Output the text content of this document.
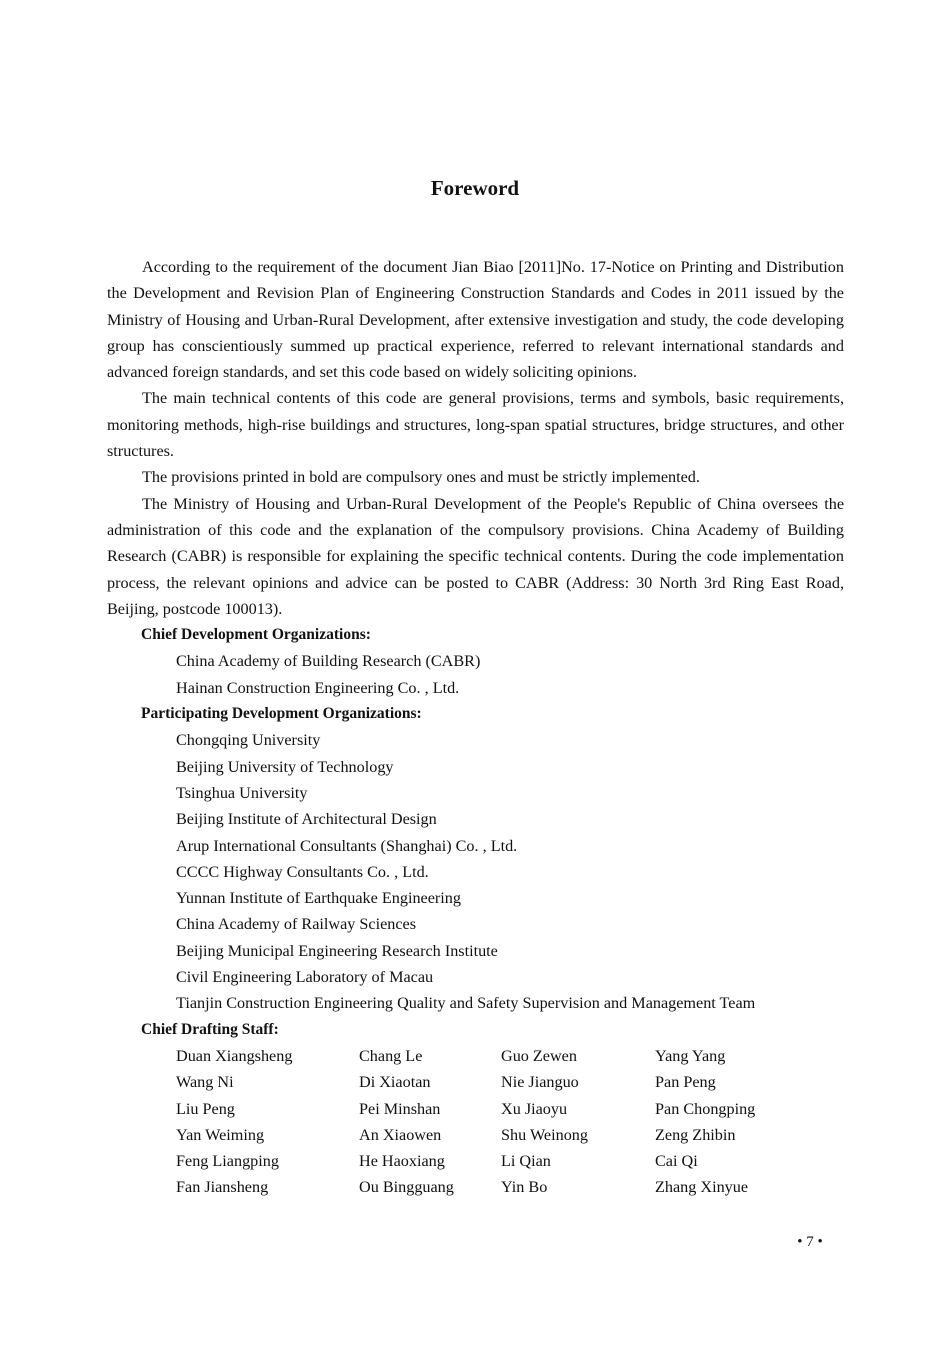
Foreword

According to the requirement of the document Jian Biao [2011]No. 17-Notice on Printing and Distribution the Development and Revision Plan of Engineering Construction Standards and Codes in 2011 issued by the Ministry of Housing and Urban-Rural Development, after extensive investigation and study, the code developing group has conscientiously summed up practical experience, referred to relevant international standards and advanced foreign standards, and set this code based on widely soliciting opinions.

The main technical contents of this code are general provisions, terms and symbols, basic requirements, monitoring methods, high-rise buildings and structures, long-span spatial structures, bridge structures, and other structures.

The provisions printed in bold are compulsory ones and must be strictly implemented.

The Ministry of Housing and Urban-Rural Development of the People's Republic of China oversees the administration of this code and the explanation of the compulsory provisions. China Academy of Building Research (CABR) is responsible for explaining the specific technical contents. During the code implementation process, the relevant opinions and advice can be posted to CABR (Address: 30 North 3rd Ring East Road, Beijing, postcode 100013).

Chief Development Organizations:

China Academy of Building Research (CABR)
Hainan Construction Engineering Co. , Ltd.

Participating Development Organizations:

Chongqing University
Beijing University of Technology
Tsinghua University
Beijing Institute of Architectural Design
Arup International Consultants (Shanghai) Co. , Ltd.
CCCC Highway Consultants Co. , Ltd.
Yunnan Institute of Earthquake Engineering
China Academy of Railway Sciences
Beijing Municipal Engineering Research Institute
Civil Engineering Laboratory of Macau
Tianjin Construction Engineering Quality and Safety Supervision and Management Team

Chief Drafting Staff:

Duan Xiangsheng	Chang Le	Guo Zewen	Yang Yang
Wang Ni	Di Xiaotan	Nie Jianguo	Pan Peng
Liu Peng	Pei Minshan	Xu Jiaoyu	Pan Chongping
Yan Weiming	An Xiaowen	Shu Weinong	Zeng Zhibin
Feng Liangping	He Haoxiang	Li Qian	Cai Qi
Fan Jiansheng	Ou Bingguang	Yin Bo	Zhang Xinyue
• 7 •
